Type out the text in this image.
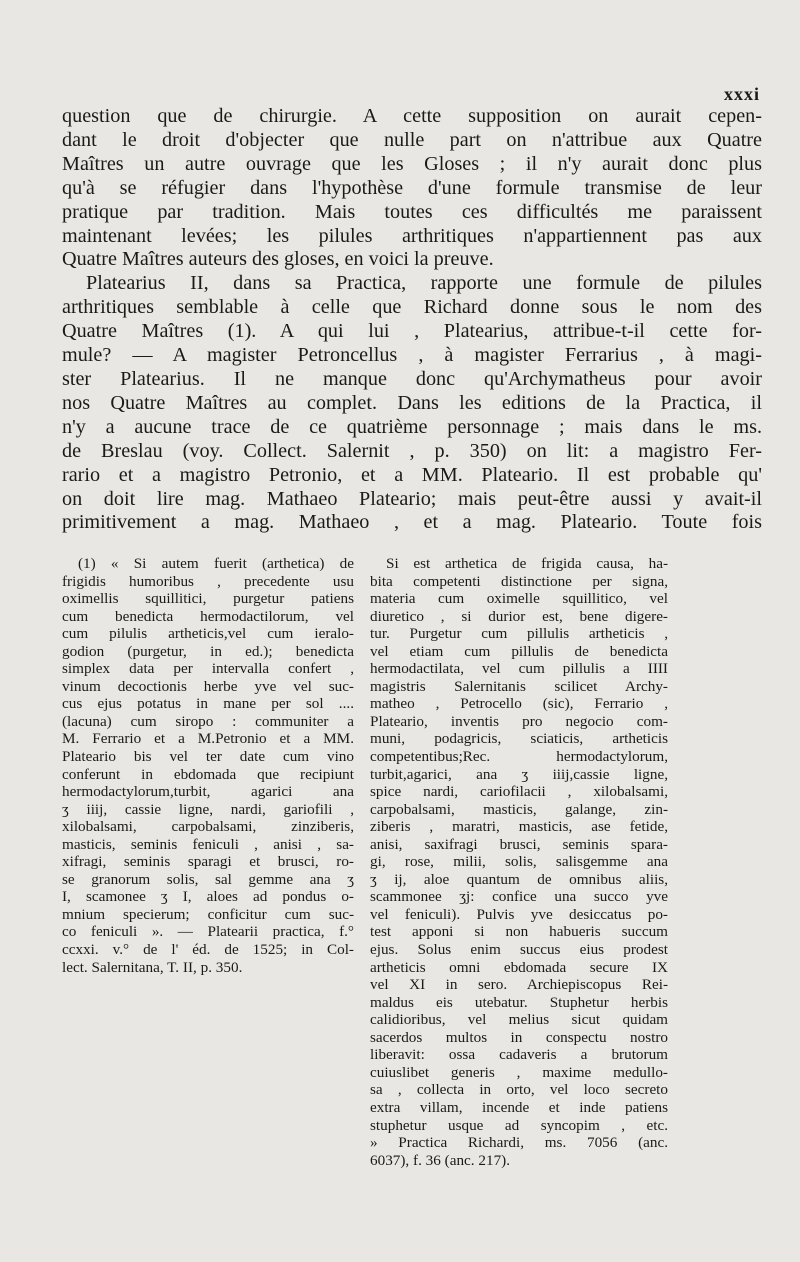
xxxi
question que de chirurgie. A cette supposition on aurait cepen-
dant le droit d'objecter que nulle part on n'attribue aux Quatre
Maîtres un autre ouvrage que les Gloses ; il n'y aurait donc plus
qu'à se réfugier dans l'hypothèse d'une formule transmise de leur
pratique par tradition. Mais toutes ces difficultés me paraissent
maintenant levées; les pilules arthritiques n'appartiennent pas aux
Quatre Maîtres auteurs des gloses, en voici la preuve.
Platearius II, dans sa Practica, rapporte une formule de pilules
arthritiques semblable à celle que Richard donne sous le nom des
Quatre Maîtres (1). A qui lui , Platearius, attribue-t-il cette for-
mule? — A magister Petroncellus , à magister Ferrarius , à magi-
ster Platearius. Il ne manque donc qu'Archymatheus pour avoir
nos Quatre Maîtres au complet. Dans les editions de la Practica, il
n'y a aucune trace de ce quatrième personnage ; mais dans le ms.
de Breslau (voy. Collect. Salernit , p. 350) on lit: a magistro Fer-
rario et a magistro Petronio, et a MM. Plateario. Il est probable qu'
on doit lire mag. Mathaeo Plateario; mais peut-être aussi y avait-il
primitivement a mag. Mathaeo , et a mag. Plateario. Toute fois
(1) « Si autem fuerit (arthetica) de
frigidis humoribus , precedente usu
oximellis squillitici, purgetur patiens
cum benedicta hermodactilorum, vel
cum pilulis artheticis,vel cum ieralo-
godion (purgetur, in ed.); benedicta
simplex data per intervalla confert ,
vinum decoctionis herbe yve vel suc-
cus ejus potatus in mane per sol ....
(lacuna) cum siropo : communiter a
M. Ferrario et a M.Petronio et a MM.
Plateario bis vel ter date cum vino
conferunt in ebdomada que recipiunt
hermodactylorum,turbit, agarici ana
ʒ iiij, cassie ligne, nardi, gariofili ,
xilobalsami, carpobalsami, zinziberis,
masticis, seminis feniculi , anisi , sa-
xifragi, seminis sparagi et brusci, ro-
se granorum solis, sal gemme ana ʒ
I, scamonee ʒ I, aloes ad pondus o-
mnium specierum; conficitur cum suc-
co feniculi ». — Platearii practica, f.°
ccxxi. v.° de l' éd. de 1525; in Col-
lect. Salernitana, T. II, p. 350.
Si est arthetica de frigida causa, ha-
bita competenti distinctione per signa,
materia cum oximelle squillitico, vel
diuretico , si durior est, bene digere-
tur. Purgetur cum pillulis artheticis ,
vel etiam cum pillulis de benedicta
hermodactilata, vel cum pillulis a IIII
magistris Salernitanis scilicet Archy-
matheo , Petrocello (sic), Ferrario ,
Plateario, inventis pro negocio com-
muni, podagricis, sciaticis, artheticis
competentibus;Rec. hermodactylorum,
turbit,agarici, ana ʒ iiij,cassie ligne,
spice nardi, cariofilacii , xilobalsami,
carpobalsami, masticis, galange, zin-
ziberis , maratri, masticis, ase fetide,
anisi, saxifragi brusci, seminis spara-
gi, rose, milii, solis, salisgemme ana
ʒ ij, aloe quantum de omnibus aliis,
scammonee ʒj: confice una succo yve
vel feniculi). Pulvis yve desiccatus po-
test apponi si non habueris succum
ejus. Solus enim succus eius prodest
artheticis omni ebdomada secure IX
vel XI in sero. Archiepiscopus Rei-
maldus eis utebatur. Stuphetur herbis
calidioribus, vel melius sicut quidam
sacerdos multos in conspectu nostro
liberavit: ossa cadaveris a brutorum
cuiuslibet generis , maxime medullo-
sa , collecta in orto, vel loco secreto
extra villam, incende et inde patiens
stuphetur usque ad syncopim , etc.
» Practica Richardi, ms. 7056 (anc.
6037), f. 36 (anc. 217).
